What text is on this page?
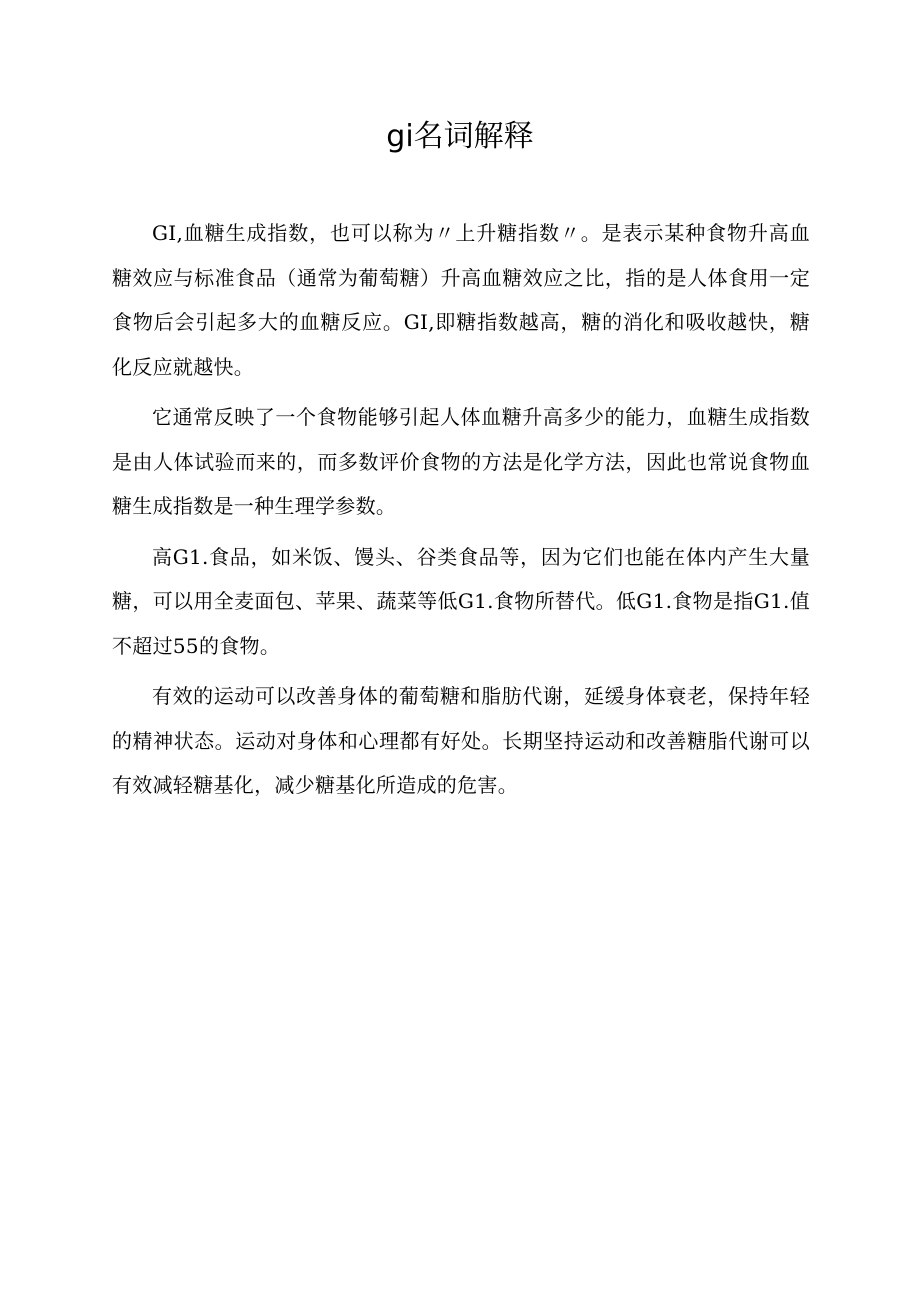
gi名词解释

GI,血糖生成指数，也可以称为〃上升糖指数〃。是表示某种食物升高血糖效应与标准食品（通常为葡萄糖）升高血糖效应之比，指的是人体食用一定食物后会引起多大的血糖反应。GI,即糖指数越高，糖的消化和吸收越快，糖化反应就越快。

它通常反映了一个食物能够引起人体血糖升高多少的能力，血糖生成指数是由人体试验而来的，而多数评价食物的方法是化学方法，因此也常说食物血糖生成指数是一种生理学参数。

高G1.食品，如米饭、馒头、谷类食品等，因为它们也能在体内产生大量糖，可以用全麦面包、苹果、蔬菜等低G1.食物所替代。低G1.食物是指G1.值不超过55的食物。

有效的运动可以改善身体的葡萄糖和脂肪代谢，延缓身体衰老，保持年轻的精神状态。运动对身体和心理都有好处。长期坚持运动和改善糖脂代谢可以有效减轻糖基化，减少糖基化所造成的危害。
